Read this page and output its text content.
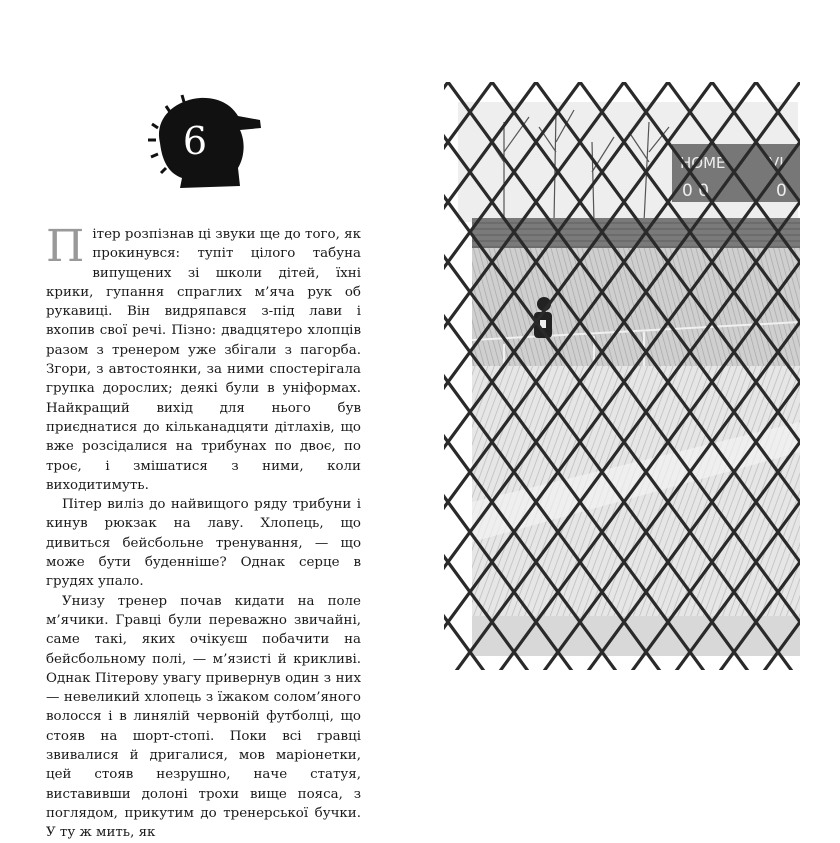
6

Пітер розпізнав ці звуки ще до того, як прокинувся: тупіт цілого табуна випущених зі школи дітей, їхні крики, гупання спраглих м’яча рук об рукавиці. Він видряпався з-під лави і вхопив свої речі. Пізно: двадцятеро хлопців разом з тренером уже збігали з пагорба. Згори, з автостоянки, за ними спостерігала групка дорослих; деякі були в уніформах. Найкращий вихід для нього був приєднатися до кільканадцяти дітлахів, що вже розсідалися на трибунах по двоє, по троє, і змішатися з ними, коли виходитимуть.

Пітер виліз до найвищого ряду трибуни і кинув рюкзак на лаву. Хлопець, що дивиться бейсбольне тренування, — що може бути буденніше? Однак серце в грудях упало.

Унизу тренер почав кидати на поле м’ячики. Гравці були переважно звичайні, саме такі, яких очікуєш побачити на бейсбольному полі, — м’язисті й крикливі. Однак Пітерову увагу привернув один з них — невеликий хлопець з їжаком солом’яного волосся і в линялій червоній футболці, що стояв на шорт-стопі. Поки всі гравці звивалися й дригалися, мов маріонетки, цей стояв незрушно, наче статуя, виставивши долоні трохи вище пояса, з поглядом, прикутим до тренерської бучки. У ту ж мить, як
